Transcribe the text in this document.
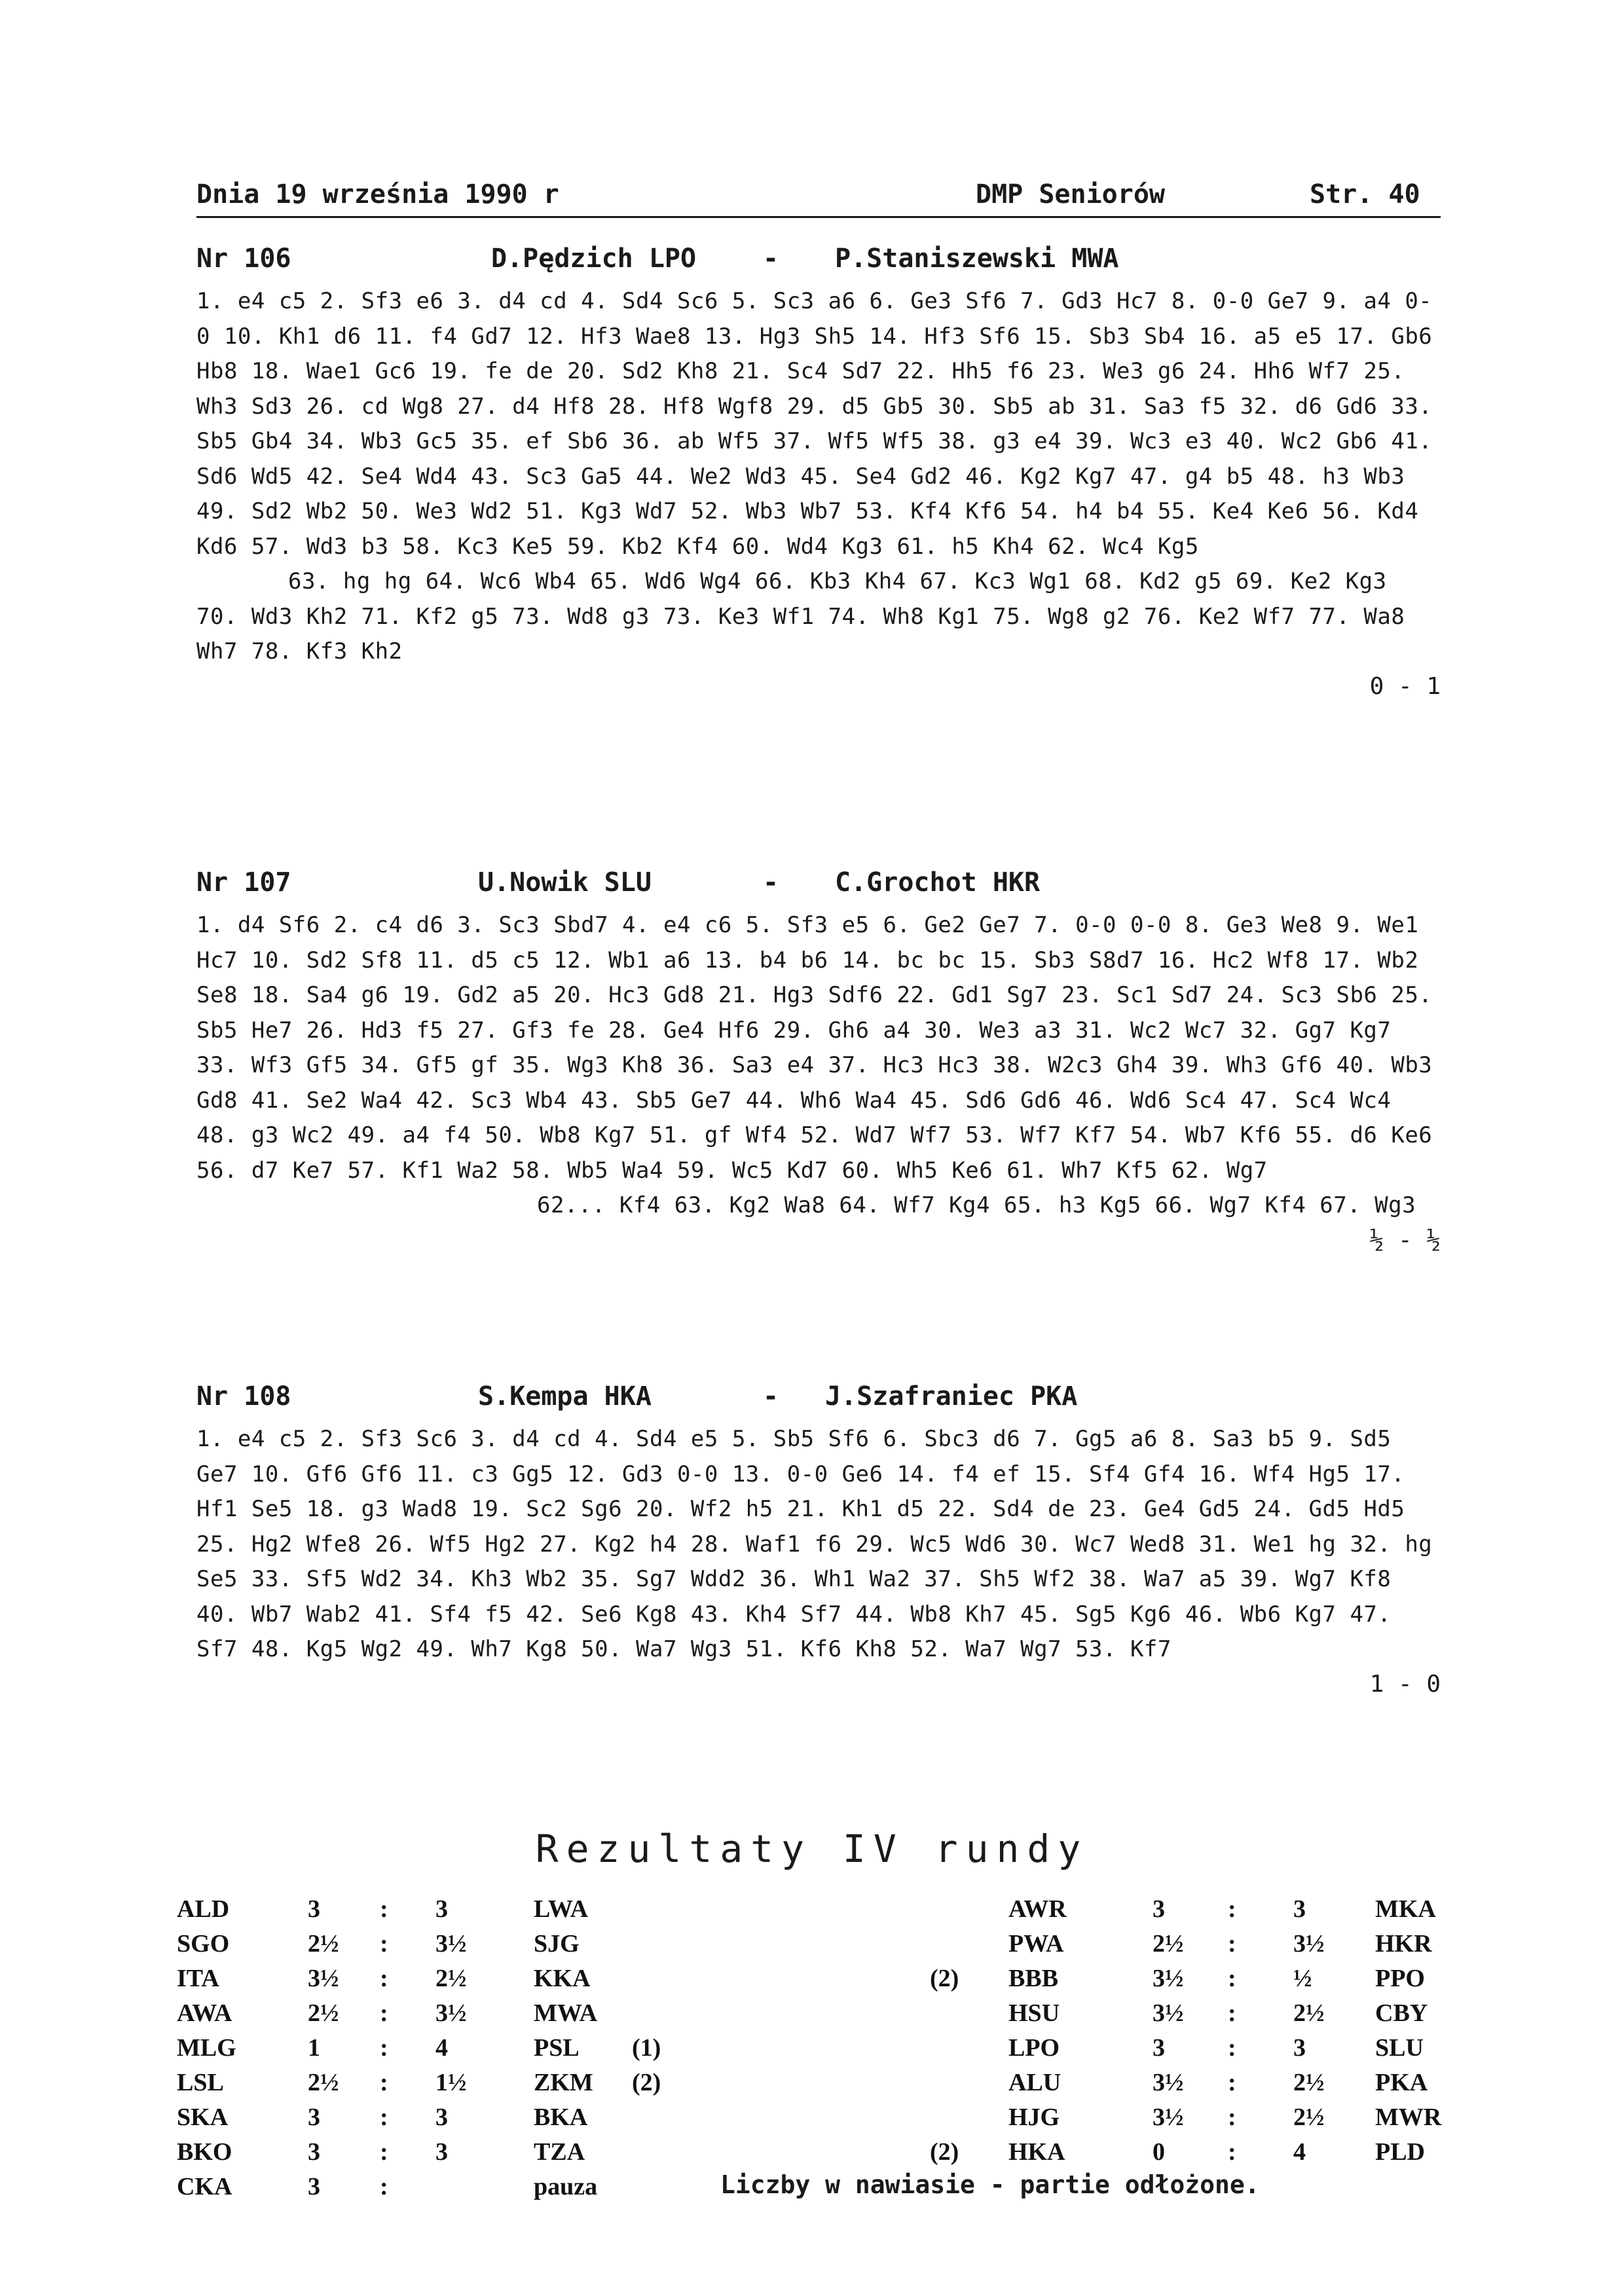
Dnia 19 września 1990 r	DMP Seniorów	Str. 40
Nr 106	D.Pędzich LPO	- P.Staniszewski MWA

1. e4 c5 2. Sf3 e6 3. d4 cd 4. Sd4 Sc6 5. Sc3 a6 6. Ge3 Sf6 7. Gd3 Hc7 8. 0-0 Ge7 9. a4 0-0 10. Kh1 d6 11. f4 Gd7 12. Hf3 Wae8 13. Hg3 Sh5 14. Hf3 Sf6 15. Sb3 Sb4 16. a5 e5 17. Gb6 Hb8 18. Wae1 Gc6 19. fe de 20. Sd2 Kh8 21. Sc4 Sd7 22. Hh5 f6 23. We3 g6 24. Hh6 Wf7 25. Wh3 Sd3 26. cd Wg8 27. d4 Hf8 28. Hf8 Wgf8 29. d5 Gb5 30. Sb5 ab 31. Sa3 f5 32. d6 Gd6 33. Sb5 Gb4 34. Wb3 Gc5 35. ef Sb6 36. ab Wf5 37. Wf5 Wf5 38. g3 e4 39. Wc3 e3 40. Wc2 Gb6 41. Sd6 Wd5 42. Se4 Wd4 43. Sc3 Ga5 44. We2 Wd3 45. Se4 Gd2 46. Kg2 Kg7 47. g4 b5 48. h3 Wb3 49. Sd2 Wb2 50. We3 Wd2 51. Kg3 Wd7 52. Wb3 Wb7 53. Kf4 Kf6 54. h4 b4 55. Ke4 Ke6 56. Kd4 Kd6 57. Wd3 b3 58. Kc3 Ke5 59. Kb2 Kf4 60. Wd4 Kg3 61. h5 Kh4 62. Wc4 Kg5

63. hg hg 64. Wc6 Wb4 65. Wd6 Wg4 66. Kb3 Kh4 67. Kc3 Wg1 68. Kd2 g5 69. Ke2 Kg3 70. Wd3 Kh2 71. Kf2 g5 73. Wd8 g3 73. Ke3 Wf1 74. Wh8 Kg1 75. Wg8 g2 76. Ke2 Wf7 77. Wa8 Wh7 78. Kf3 Kh2

0 - 1
Nr 107	U.Nowik SLU	- C.Grochot HKR

1. d4 Sf6 2. c4 d6 3. Sc3 Sbd7 4. e4 c6 5. Sf3 e5 6. Ge2 Ge7 7. 0-0 0-0 8. Ge3 We8 9. We1 Hc7 10. Sd2 Sf8 11. d5 c5 12. Wb1 a6 13. b4 b6 14. bc bc 15. Sb3 S8d7 16. Hc2 Wf8 17. Wb2 Se8 18. Sa4 g6 19. Gd2 a5 20. Hc3 Gd8 21. Hg3 Sdf6 22. Gd1 Sg7 23. Sc1 Sd7 24. Sc3 Sb6 25. Sb5 He7 26. Hd3 f5 27. Gf3 fe 28. Ge4 Hf6 29. Gh6 a4 30. We3 a3 31. Wc2 Wc7 32. Gg7 Kg7 33. Wf3 Gf5 34. Gf5 gf 35. Wg3 Kh8 36. Sa3 e4 37. Hc3 Hc3 38. W2c3 Gh4 39. Wh3 Gf6 40. Wb3 Gd8 41. Se2 Wa4 42. Sc3 Wb4 43. Sb5 Ge7 44. Wh6 Wa4 45. Sd6 Gd6 46. Wd6 Sc4 47. Sc4 Wc4 48. g3 Wc2 49. a4 f4 50. Wb8 Kg7 51. gf Wf4 52. Wd7 Wf7 53. Wf7 Kf7 54. Wb7 Kf6 55. d6 Ke6 56. d7 Ke7 57. Kf1 Wa2 58. Wb5 Wa4 59. Wc5 Kd7 60. Wh5 Ke6 61. Wh7 Kf5 62. Wg7

62... Kf4 63. Kg2 Wa8 64. Wf7 Kg4 65. h3 Kg5 66. Wg7 Kf4 67. Wg3

½ - ½
Nr 108	S.Kempa HKA	- J.Szafraniec PKA

1. e4 c5 2. Sf3 Sc6 3. d4 cd 4. Sd4 e5 5. Sb5 Sf6 6. Sbc3 d6 7. Gg5 a6 8. Sa3 b5 9. Sd5 Ge7 10. Gf6 Gf6 11. c3 Gg5 12. Gd3 0-0 13. 0-0 Ge6 14. f4 ef 15. Sf4 Gf4 16. Wf4 Hg5 17. Hf1 Se5 18. g3 Wad8 19. Sc2 Sg6 20. Wf2 h5 21. Kh1 d5 22. Sd4 de 23. Ge4 Gd5 24. Gd5 Hd5 25. Hg2 Wfe8 26. Wf5 Hg2 27. Kg2 h4 28. Waf1 f6 29. Wc5 Wd6 30. Wc7 Wed8 31. We1 hg 32. hg Se5 33. Sf5 Wd2 34. Kh3 Wb2 35. Sg7 Wdd2 36. Wh1 Wa2 37. Sh5 Wf2 38. Wa7 a5 39. Wg7 Kf8 40. Wb7 Wab2 41. Sf4 f5 42. Se6 Kg8 43. Kh4 Sf7 44. Wb8 Kh7 45. Sg5 Kg6 46. Wb6 Kg7 47. Sf7 48. Kg5 Wg2 49. Wh7 Kg8 50. Wa7 Wg3 51. Kf6 Kh8 52. Wa7 Wg7 53. Kf7

1 - 0
Rezultaty IV rundy
ALD	3 : 3	LWA
SGO	2½ : 3½	SJG
ITA	3½ : 2½	KKA
AWA	2½ : 3½	MWA
MLG	1 : 4	PSL (1)
LSL	2½ : 1½	ZKM (2)
SKA	3 : 3	BKA
BKO	3 : 3	TZA
CKA	3 :	pauza
AWR	3	: 3	MKA
PWA	2½ : 3½ HKR
(2) BBB	3½ : ½	PPO
HSU	3½ : 2½ CBY
LPO	3	: 3	SLU
ALU	3½ : 2½ PKA
HJG	3½ : 2½ MWR
(2) HKA	0	: 4	PLD
Liczby w nawiasie - partie odłożone.
